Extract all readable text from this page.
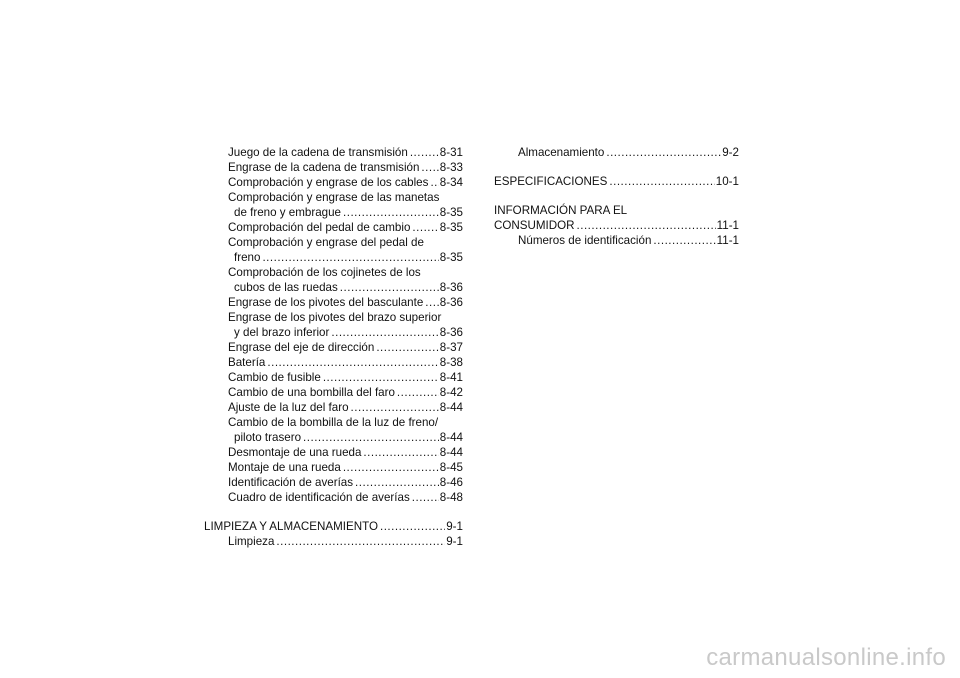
Juego de la cadena de transmisión .....	8-31
Engrase de la cadena de transmisión ..... 8-33
Comprobación y engrase de los cables ..... 8-34
Comprobación y engrase de las manetas
de freno y embrague .....	8-35
Comprobación del pedal de cambio .....	8-35
Comprobación y engrase del pedal de
freno .....	8-35
Comprobación de los cojinetes de los
cubos de las ruedas .....	8-36
Engrase de los pivotes del basculante ..... 8-36
Engrase de los pivotes del brazo superior
y del brazo inferior .....	8-36
Engrase del eje de dirección .....	8-37
Batería .....	8-38
Cambio de fusible .....	8-41
Cambio de una bombilla del faro .....	8-42
Ajuste de la luz del faro .....	8-44
Cambio de la bombilla de la luz de freno/
piloto trasero .....	8-44
Desmontaje de una rueda .....	8-44
Montaje de una rueda .....	8-45
Identificación de averías .....	8-46
Cuadro de identificación de averías .....	8-48
LIMPIEZA Y ALMACENAMIENTO .....	9-1
Limpieza .....	9-1
Almacenamiento .....	9-2
ESPECIFICACIONES .....	10-1
INFORMACIÓN PARA EL
CONSUMIDOR .....	11-1
Números de identificación .....	11-1
carmanualsonline.info
